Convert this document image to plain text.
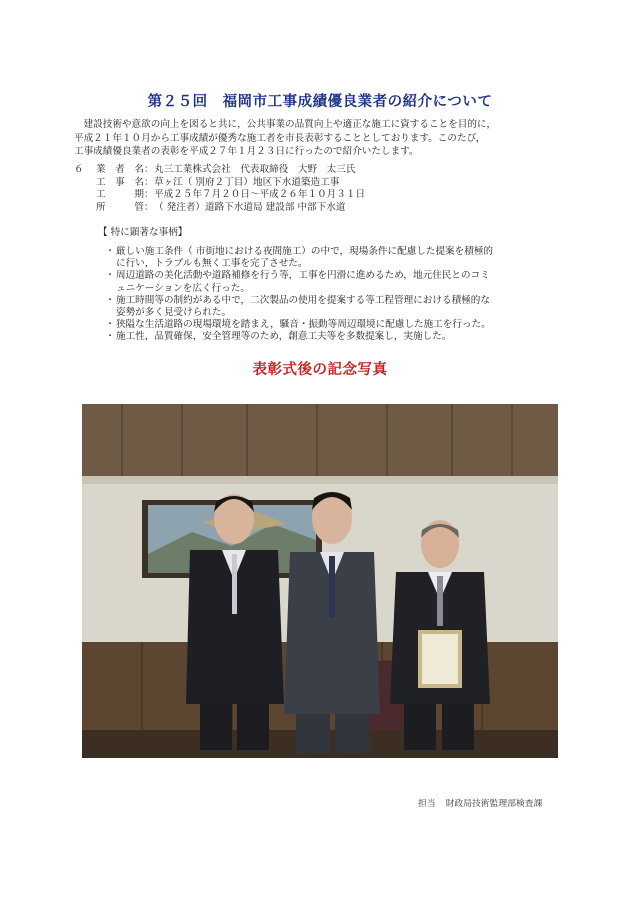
第２５回　福岡市工事成績優良業者の紹介について

　建設技術や意欲の向上を図ると共に，公共事業の品質向上や適正な施工に資することを目的に，

平成２１年１０月から工事成績が優秀な施工者を市長表彰することとしております。このたび，

工事成績優良業者の表彰を平成２７年１月２３日に行ったので紹介いたします。

６	業　者　名： 丸三工業株式会社　代表取締役　大野　太三氏
工　事　名： 草ヶ江（ 別府２丁目）地区下水道築造工事
工　　　期： 平成２５年７月２０日～平成２６年１０月３１日
所　　　管： （ 発注者）道路下水道局 建設部 中部下水道
【 特に顕著な事柄】
・ 厳しい施工条件（ 市街地における夜間施工）の中で，現場条件に配慮した提案を積極的
に行い，トラブルも無く工事を完了させた。
・ 周辺道路の美化活動や道路補修を行う等，工事を円滑に進めるため，地元住民とのコミ
ュニケーションを広く行った。
・ 施工時間等の制約がある中で，二次製品の使用を提案する等工程管理における積極的な
姿勢が多く見受けられた。
・ 狭隘な生活道路の現場環境を踏まえ，騒音・振動等周辺環境に配慮した施工を行った。
・ 施工性，品質確保，安全管理等のため，創意工夫等を多数提案し，実施した。
表彰式後の記念写真
担当 財政局技術監理部検査課
